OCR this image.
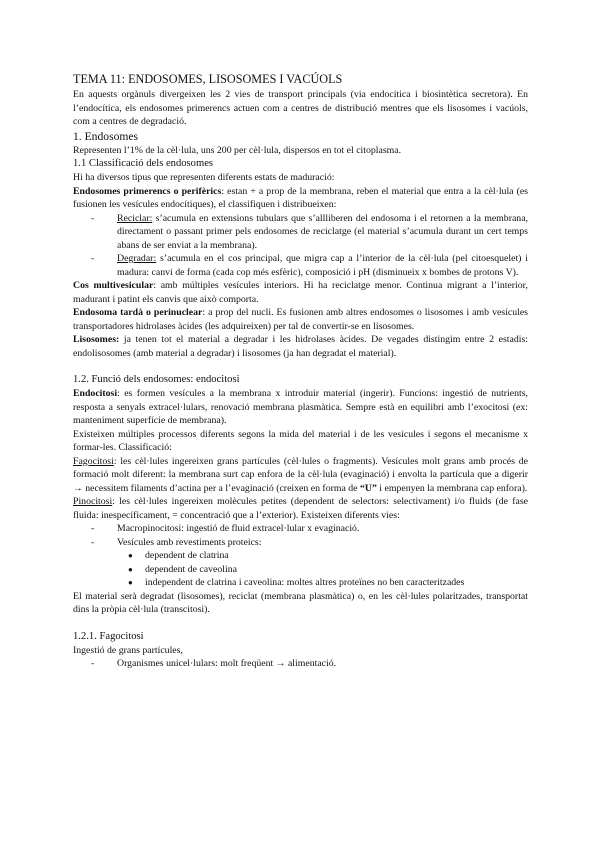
TEMA 11: ENDOSOMES, LISOSOMES I VACÚOLS

En aquests orgànuls divergeixen les 2 vies de transport principals (via endocítica i biosintètica secretora). En l’endocítica, els endosomes primerencs actuen com a centres de distribució mentres que els lisosomes i vacúols, com a centres de degradació.

1. Endosomes

Representen l’1% de la cèl·lula, uns 200 per cèl·lula, dispersos en tot el citoplasma.

1.1 Classificació dels endosomes

Hi ha diversos tipus que representen diferents estats de maduració:

Endosomes primerencs o perifèrics: estan + a prop de la membrana, reben el material que entra a la cèl·lula (es fusionen les vesícules endocítiques), el classifiquen i distribueixen:

- Reciclar: s’acumula en extensions tubulars que s’allliberen del endosoma i el retornen a la membrana, directament o passant primer pels endosomes de reciclatge (el material s’acumula durant un cert temps abans de ser enviat a la membrana).
- Degradar: s’acumula en el cos principal, que migra cap a l’interior de la cèl·lula (pel citoesquelet) i madura: canvi de forma (cada cop més esfèric), composició i pH (disminueix x bombes de protons V).

Cos multivesicular: amb múltiples vesícules interiors. Hi ha reciclatge menor. Continua migrant a l’interior, madurant i patint els canvis que això comporta.

Endosoma tardà o perinuclear: a prop del nucli. Es fusionen amb altres endosomes o lisosomes i amb vesícules transportadores hidrolases àcides (les adquireixen) per tal de convertir-se en lisosomes.

Lisosomes: ja tenen tot el material a degradar i les hidrolases àcides. De vegades distingim entre 2 estadis: endolisosomes (amb material a degradar) i lisosomes (ja han degradat el material).

1.2. Funció dels endosomes: endocitosi

Endocitosi: es formen vesícules a la membrana x introduir material (ingerir). Funcions: ingestió de nutrients, resposta a senyals extracel·lulars, renovació membrana plasmàtica. Sempre està en equilibri amb l’exocitosi (ex: manteniment superfície de membrana).

Existeixen múltiples processos diferents segons la mida del material i de les vesícules i segons el mecanisme x formar-les. Classificació:

Fagocitosi: les cèl·lules ingereixen grans partícules (cèl·lules o fragments). Vesícules molt grans amb procés de formació molt diferent: la membrana surt cap enfora de la cèl·lula (evaginació) i envolta la partícula que a digerir → necessitem filaments d’actina per a l’evaginació (creixen en forma de “U” i empenyen la membrana cap enfora).

Pinocitosi: les cèl·lules ingereixen molècules petites (dependent de selectors: selectivament) i/o fluids (de fase fluida: inespecíficament, = concentració que a l’exterior). Existeixen diferents vies:

- Macropinocitosi: ingestió de fluid extracel·lular x evaginació.
- Vesícules amb revestiments proteics:
● dependent de clatrina
● dependent de caveolina
● independent de clatrina i caveolina: moltes altres proteïnes no ben caracteritzades

El material serà degradat (lisosomes), reciclat (membrana plasmàtica) o, en les cèl·lules polaritzades, transportat dins la pròpia cèl·lula (transcitosi).

1.2.1. Fagocitosi

Ingestió de grans partícules,

- Organismes unicel·lulars: molt freqüent → alimentació.
